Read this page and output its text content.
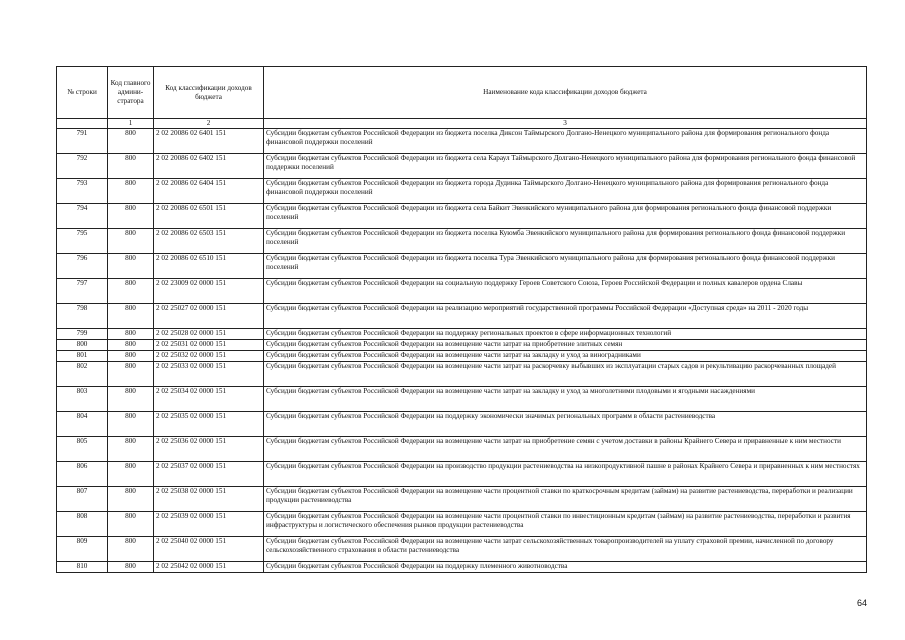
№ строки	Код главного админи-стратора	Код классификации доходов бюджета	Наименование кода классификации доходов бюджета
	1	2	3
791	800	2 02 20086 02 6401 151	Субсидии бюджетам субъектов Российской Федерации из бюджета поселка Диксон Таймырского Долгано-Ненецкого муниципального района для формирования регионального фонда финансовой поддержки поселений
792	800	2 02 20086 02 6402 151	Субсидии бюджетам субъектов Российской Федерации из бюджета села Караул Таймырского Долгано-Ненецкого муниципального района для формирования регионального фонда финансовой поддержки поселений
793	800	2 02 20086 02 6404 151	Субсидии бюджетам субъектов Российской Федерации из бюджета города Дудинка Таймырского Долгано-Ненецкого муниципального района для формирования регионального фонда финансовой поддержки поселений
794	800	2 02 20086 02 6501 151	Субсидии бюджетам субъектов Российской Федерации из бюджета села Байкит Эвенкийского муниципального района для формирования регионального фонда финансовой поддержки поселений
795	800	2 02 20086 02 6503 151	Субсидии бюджетам субъектов Российской Федерации из бюджета поселка Куюмба Эвенкийского муниципального района для формирования регионального фонда финансовой поддержки поселений
796	800	2 02 20086 02 6510 151	Субсидии бюджетам субъектов Российской Федерации из бюджета поселка Тура Эвенкийского муниципального района для формирования регионального фонда финансовой поддержки поселений
797	800	2 02 23009 02 0000 151	Субсидии бюджетам субъектов Российской Федерации на социальную поддержку Героев Советского Союза, Героев Российской Федерации и полных кавалеров ордена Славы
798	800	2 02 25027 02 0000 151	Субсидии бюджетам субъектов Российской Федерации на реализацию мероприятий государственной программы Российской Федерации «Доступная среда» на 2011 - 2020 годы
799	800	2 02 25028 02 0000 151	Субсидии бюджетам субъектов Российской Федерации на поддержку региональных проектов в сфере информационных технологий
800	800	2 02 25031 02 0000 151	Субсидии бюджетам субъектов Российской Федерации на возмещение части затрат на приобретение элитных семян
801	800	2 02 25032 02 0000 151	Субсидии бюджетам субъектов Российской Федерации на возмещение части затрат на закладку и уход за виноградниками
802	800	2 02 25033 02 0000 151	Субсидии бюджетам субъектов Российской Федерации на возмещение части затрат на раскорчевку выбывших из эксплуатации старых садов и рекультивацию раскорчеванных площадей
803	800	2 02 25034 02 0000 151	Субсидии бюджетам субъектов Российской Федерации на возмещение части затрат на закладку и уход за многолетними плодовыми и ягодными насаждениями
804	800	2 02 25035 02 0000 151	Субсидии бюджетам субъектов Российской Федерации на поддержку экономически значимых региональных программ в области растениеводства
805	800	2 02 25036 02 0000 151	Субсидии бюджетам субъектов Российской Федерации на возмещение части затрат на приобретение семян с учетом доставки в районы Крайнего Севера и приравненные к ним местности
806	800	2 02 25037 02 0000 151	Субсидии бюджетам субъектов Российской Федерации на производство продукции растениеводства на низкопродуктивной пашне в районах Крайнего Севера и приравненных к ним местностях
807	800	2 02 25038 02 0000 151	Субсидии бюджетам субъектов Российской Федерации на возмещение части процентной ставки по краткосрочным кредитам (займам) на развитие растениеводства, переработки и реализации продукции растениеводства
808	800	2 02 25039 02 0000 151	Субсидии бюджетам субъектов Российской Федерации на возмещение части процентной ставки по инвестиционным кредитам (займам) на развитие растениеводства, переработки и развития инфраструктуры и логистического обеспечения рынков продукции растениеводства
809	800	2 02 25040 02 0000 151	Субсидии бюджетам субъектов Российской Федерации на возмещение части затрат сельскохозяйственных товаропроизводителей на уплату страховой премии, начисленной по договору сельскохозяйственного страхования в области растениеводства
810	800	2 02 25042 02 0000 151	Субсидии бюджетам субъектов Российской Федерации на поддержку племенного животноводства
64
